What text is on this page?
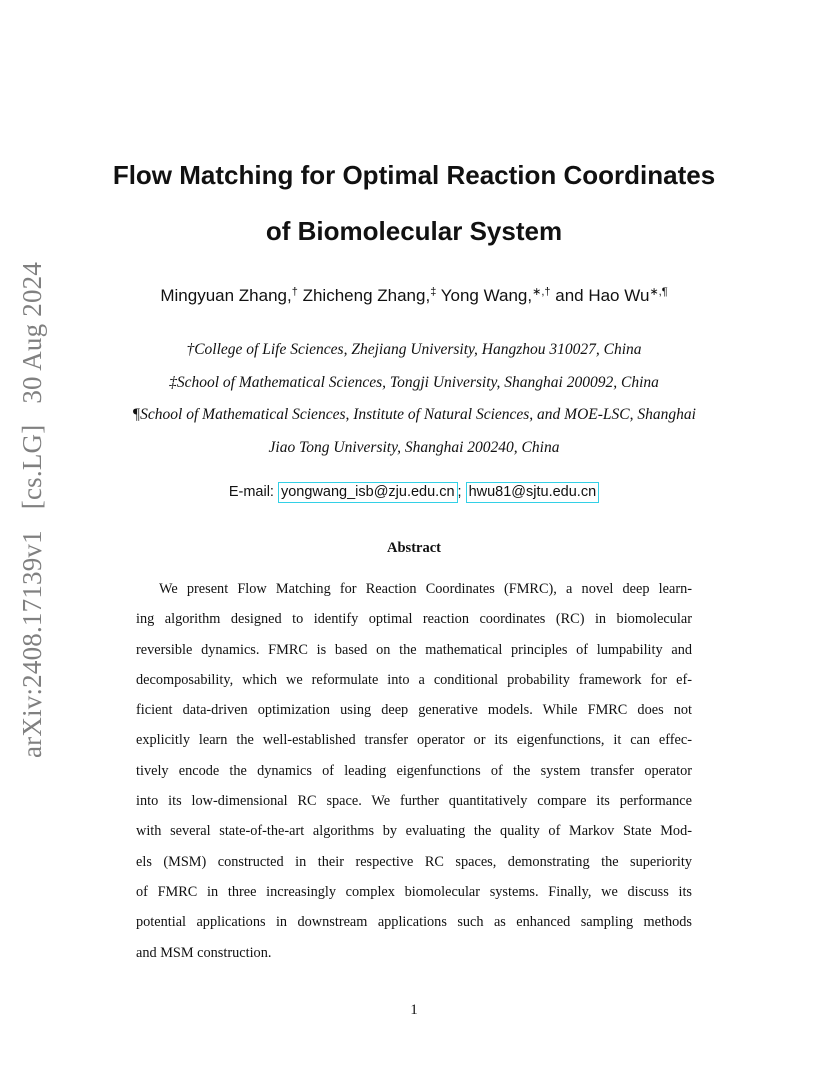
arXiv:2408.17139v1 [cs.LG] 30 Aug 2024
Flow Matching for Optimal Reaction Coordinates
of Biomolecular System
Mingyuan Zhang,† Zhicheng Zhang,‡ Yong Wang,∗,† and Hao Wu∗,¶
†College of Life Sciences, Zhejiang University, Hangzhou 310027, China
‡School of Mathematical Sciences, Tongji University, Shanghai 200092, China
¶School of Mathematical Sciences, Institute of Natural Sciences, and MOE-LSC, Shanghai
Jiao Tong University, Shanghai 200240, China
E-mail: yongwang_isb@zju.edu.cn ; hwu81@sjtu.edu.cn
Abstract
We present Flow Matching for Reaction Coordinates (FMRC), a novel deep learn-
ing algorithm designed to identify optimal reaction coordinates (RC) in biomolecular
reversible dynamics. FMRC is based on the mathematical principles of lumpability and
decomposability, which we reformulate into a conditional probability framework for ef-
ficient data-driven optimization using deep generative models. While FMRC does not
explicitly learn the well-established transfer operator or its eigenfunctions, it can effec-
tively encode the dynamics of leading eigenfunctions of the system transfer operator
into its low-dimensional RC space. We further quantitatively compare its performance
with several state-of-the-art algorithms by evaluating the quality of Markov State Mod-
els (MSM) constructed in their respective RC spaces, demonstrating the superiority
of FMRC in three increasingly complex biomolecular systems. Finally, we discuss its
potential applications in downstream applications such as enhanced sampling methods
and MSM construction.
1
